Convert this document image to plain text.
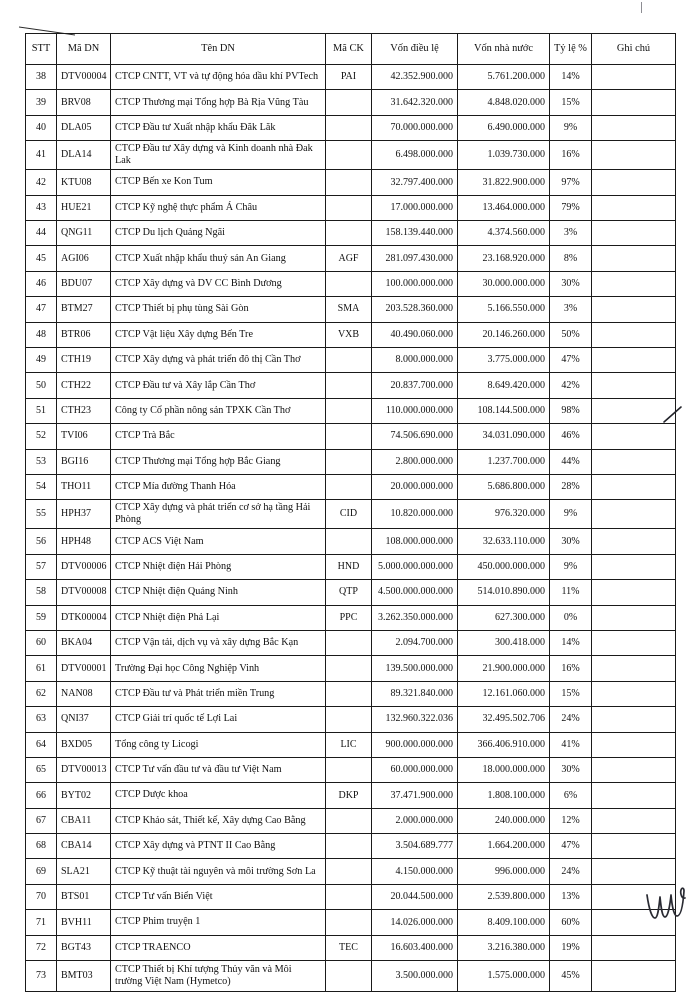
STT	Mã DN	Tên DN	Mã CK	Vốn điều lệ	Vốn nhà nước	Tỷ lệ %	Ghi chú
38	DTV00004	CTCP CNTT, VT và tự động hóa dầu khí PVTech	PAI	42.352.900.000	5.761.200.000	14%	
39	BRV08	CTCP Thương mại Tổng hợp Bà Rịa Vũng Tàu		31.642.320.000	4.848.020.000	15%	
40	DLA05	CTCP Đầu tư Xuất nhập khẩu Đăk Lăk		70.000.000.000	6.490.000.000	9%	
41	DLA14	CTCP Đầu tư Xây dựng và Kinh doanh nhà Đak Lak		6.498.000.000	1.039.730.000	16%	
42	KTU08	CTCP Bến xe Kon Tum		32.797.400.000	31.822.900.000	97%	
43	HUE21	CTCP Kỹ nghệ thực phẩm Á Châu		17.000.000.000	13.464.000.000	79%	
44	QNG11	CTCP Du lịch Quảng Ngãi		158.139.440.000	4.374.560.000	3%	
45	AGI06	CTCP Xuất nhập khẩu thuỷ sản An Giang	AGF	281.097.430.000	23.168.920.000	8%	
46	BDU07	CTCP Xây dựng và DV CC Bình Dương		100.000.000.000	30.000.000.000	30%	
47	BTM27	CTCP Thiết bị phụ tùng Sài Gòn	SMA	203.528.360.000	5.166.550.000	3%	
48	BTR06	CTCP Vật liệu Xây dựng Bến Tre	VXB	40.490.060.000	20.146.260.000	50%	
49	CTH19	CTCP Xây dựng và phát triển đô thị Cần Thơ		8.000.000.000	3.775.000.000	47%	
50	CTH22	CTCP Đầu tư và Xây lắp Cần Thơ		20.837.700.000	8.649.420.000	42%	
51	CTH23	Công ty Cổ phần nông sản TPXK Cần Thơ		110.000.000.000	108.144.500.000	98%	
52	TVI06	CTCP Trà Bắc		74.506.690.000	34.031.090.000	46%	
53	BGI16	CTCP Thương mại Tổng hợp Bắc Giang		2.800.000.000	1.237.700.000	44%	
54	THO11	CTCP Mía đường Thanh Hóa		20.000.000.000	5.686.800.000	28%	
55	HPH37	CTCP Xây dựng và phát triển cơ sở hạ tầng Hải Phòng	CID	10.820.000.000	976.320.000	9%	
56	HPH48	CTCP ACS Việt Nam		108.000.000.000	32.633.110.000	30%	
57	DTV00006	CTCP Nhiệt điện Hải Phòng	HND	5.000.000.000.000	450.000.000.000	9%	
58	DTV00008	CTCP Nhiệt điện Quảng Ninh	QTP	4.500.000.000.000	514.010.890.000	11%	
59	DTK00004	CTCP Nhiệt điện Phả Lại	PPC	3.262.350.000.000	627.300.000	0%	
60	BKA04	CTCP Vận tải, dịch vụ và xây dựng Bắc Kạn		2.094.700.000	300.418.000	14%	
61	DTV00001	Trường Đại học Công Nghiệp Vinh		139.500.000.000	21.900.000.000	16%	
62	NAN08	CTCP Đầu tư và Phát triển miền Trung		89.321.840.000	12.161.060.000	15%	
63	QNI37	CTCP Giải trí quốc tế Lợi Lai		132.960.322.036	32.495.502.706	24%	
64	BXD05	Tổng công ty Licogi	LIC	900.000.000.000	366.406.910.000	41%	
65	DTV00013	CTCP Tư vấn đầu tư và đầu tư Việt Nam		60.000.000.000	18.000.000.000	30%	
66	BYT02	CTCP Dược khoa	DKP	37.471.900.000	1.808.100.000	6%	
67	CBA11	CTCP Khảo sát, Thiết kế, Xây dựng Cao Bằng		2.000.000.000	240.000.000	12%	
68	CBA14	CTCP Xây dựng và PTNT II Cao Bằng		3.504.689.777	1.664.200.000	47%	
69	SLA21	CTCP Kỹ thuật tài nguyên và môi trường Sơn La		4.150.000.000	996.000.000	24%	
70	BTS01	CTCP Tư vấn Biển Việt		20.044.500.000	2.539.800.000	13%	
71	BVH11	CTCP Phim truyện 1		14.026.000.000	8.409.100.000	60%	
72	BGT43	CTCP TRAENCO	TEC	16.603.400.000	3.216.380.000	19%	
73	BMT03	CTCP Thiết bị Khí tượng Thủy văn và Môi trường Việt Nam (Hymetco)		3.500.000.000	1.575.000.000	45%	
